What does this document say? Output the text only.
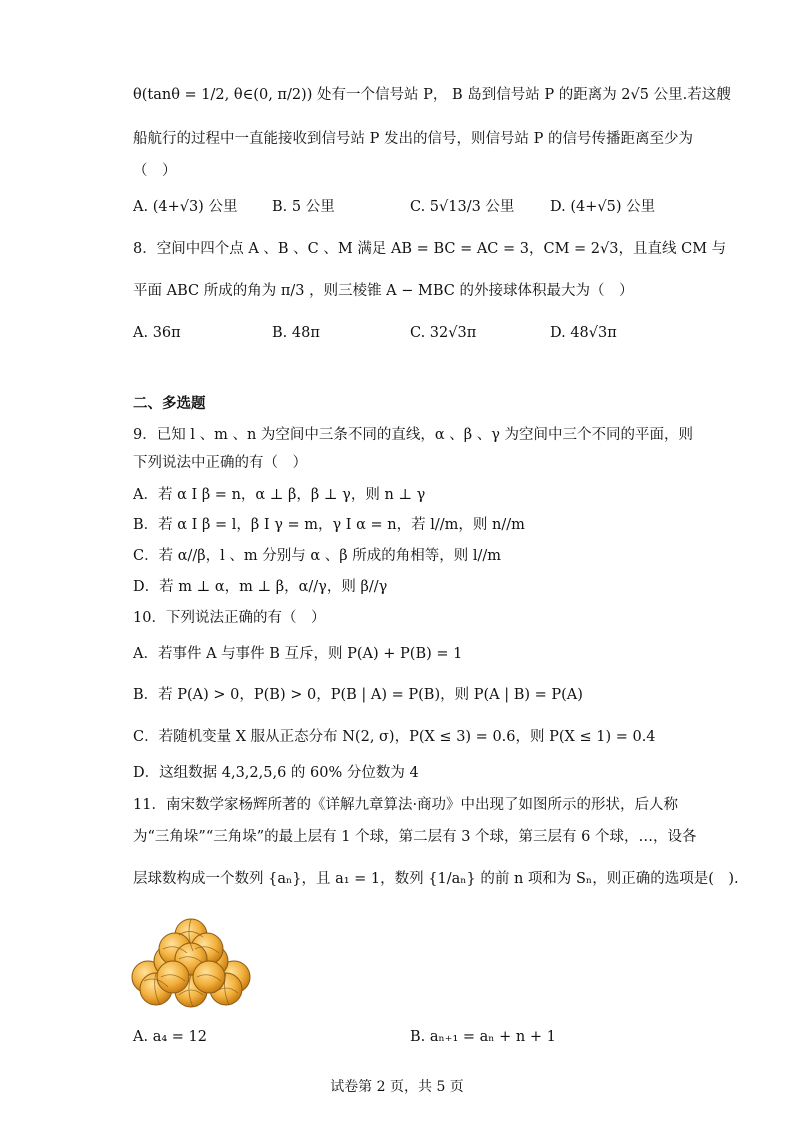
θ(tanθ = 1/2, θ∈(0, π/2)) 处有一个信号站 P， B 岛到信号站 P 的距离为 2√5 公里.若这艘
船航行的过程中一直能接收到信号站 P 发出的信号，则信号站 P 的信号传播距离至少为
（　）
A. (4+√3) 公里 B. 5 公里	C. 5√13/3 公里 D. (4+√5) 公里
8．空间中四个点 A 、B 、C 、M 满足 AB = BC = AC = 3，CM = 2√3，且直线 CM 与
平面 ABC 所成的角为 π/3 ，则三棱锥 A − MBC 的外接球体积最大为（　）
A. 36π	B. 48π	C. 32√3π	D. 48√3π
二、多选题
9．已知 l 、m 、n 为空间中三条不同的直线，α 、β 、γ 为空间中三个不同的平面，则
下列说法中正确的有（　）
A．若 α I β = n，α ⊥ β，β ⊥ γ，则 n ⊥ γ
B．若 α I β = l，β I γ = m，γ I α = n，若 l//m，则 n//m
C．若 α//β，l 、m 分别与 α 、β 所成的角相等，则 l//m
D．若 m ⊥ α，m ⊥ β，α//γ，则 β//γ
10．下列说法正确的有（　）
A．若事件 A 与事件 B 互斥，则 P(A) + P(B) = 1
B．若 P(A) > 0，P(B) > 0，P(B | A) = P(B)，则 P(A | B) = P(A)
C．若随机变量 X 服从正态分布 N(2, σ)，P(X ≤ 3) = 0.6，则 P(X ≤ 1) = 0.4
D．这组数据 4,3,2,5,6 的 60% 分位数为 4
11．南宋数学家杨辉所著的《详解九章算法·商功》中出现了如图所示的形状，后人称
为“三角垛”“三角垛”的最上层有 1 个球，第二层有 3 个球，第三层有 6 个球，…，设各
层球数构成一个数列 {aₙ}，且 a₁ = 1，数列 {1/aₙ} 的前 n 项和为 Sₙ，则正确的选项是(　).
A. a₄ = 12	B. aₙ₊₁ = aₙ + n + 1
试卷第 2 页，共 5 页
